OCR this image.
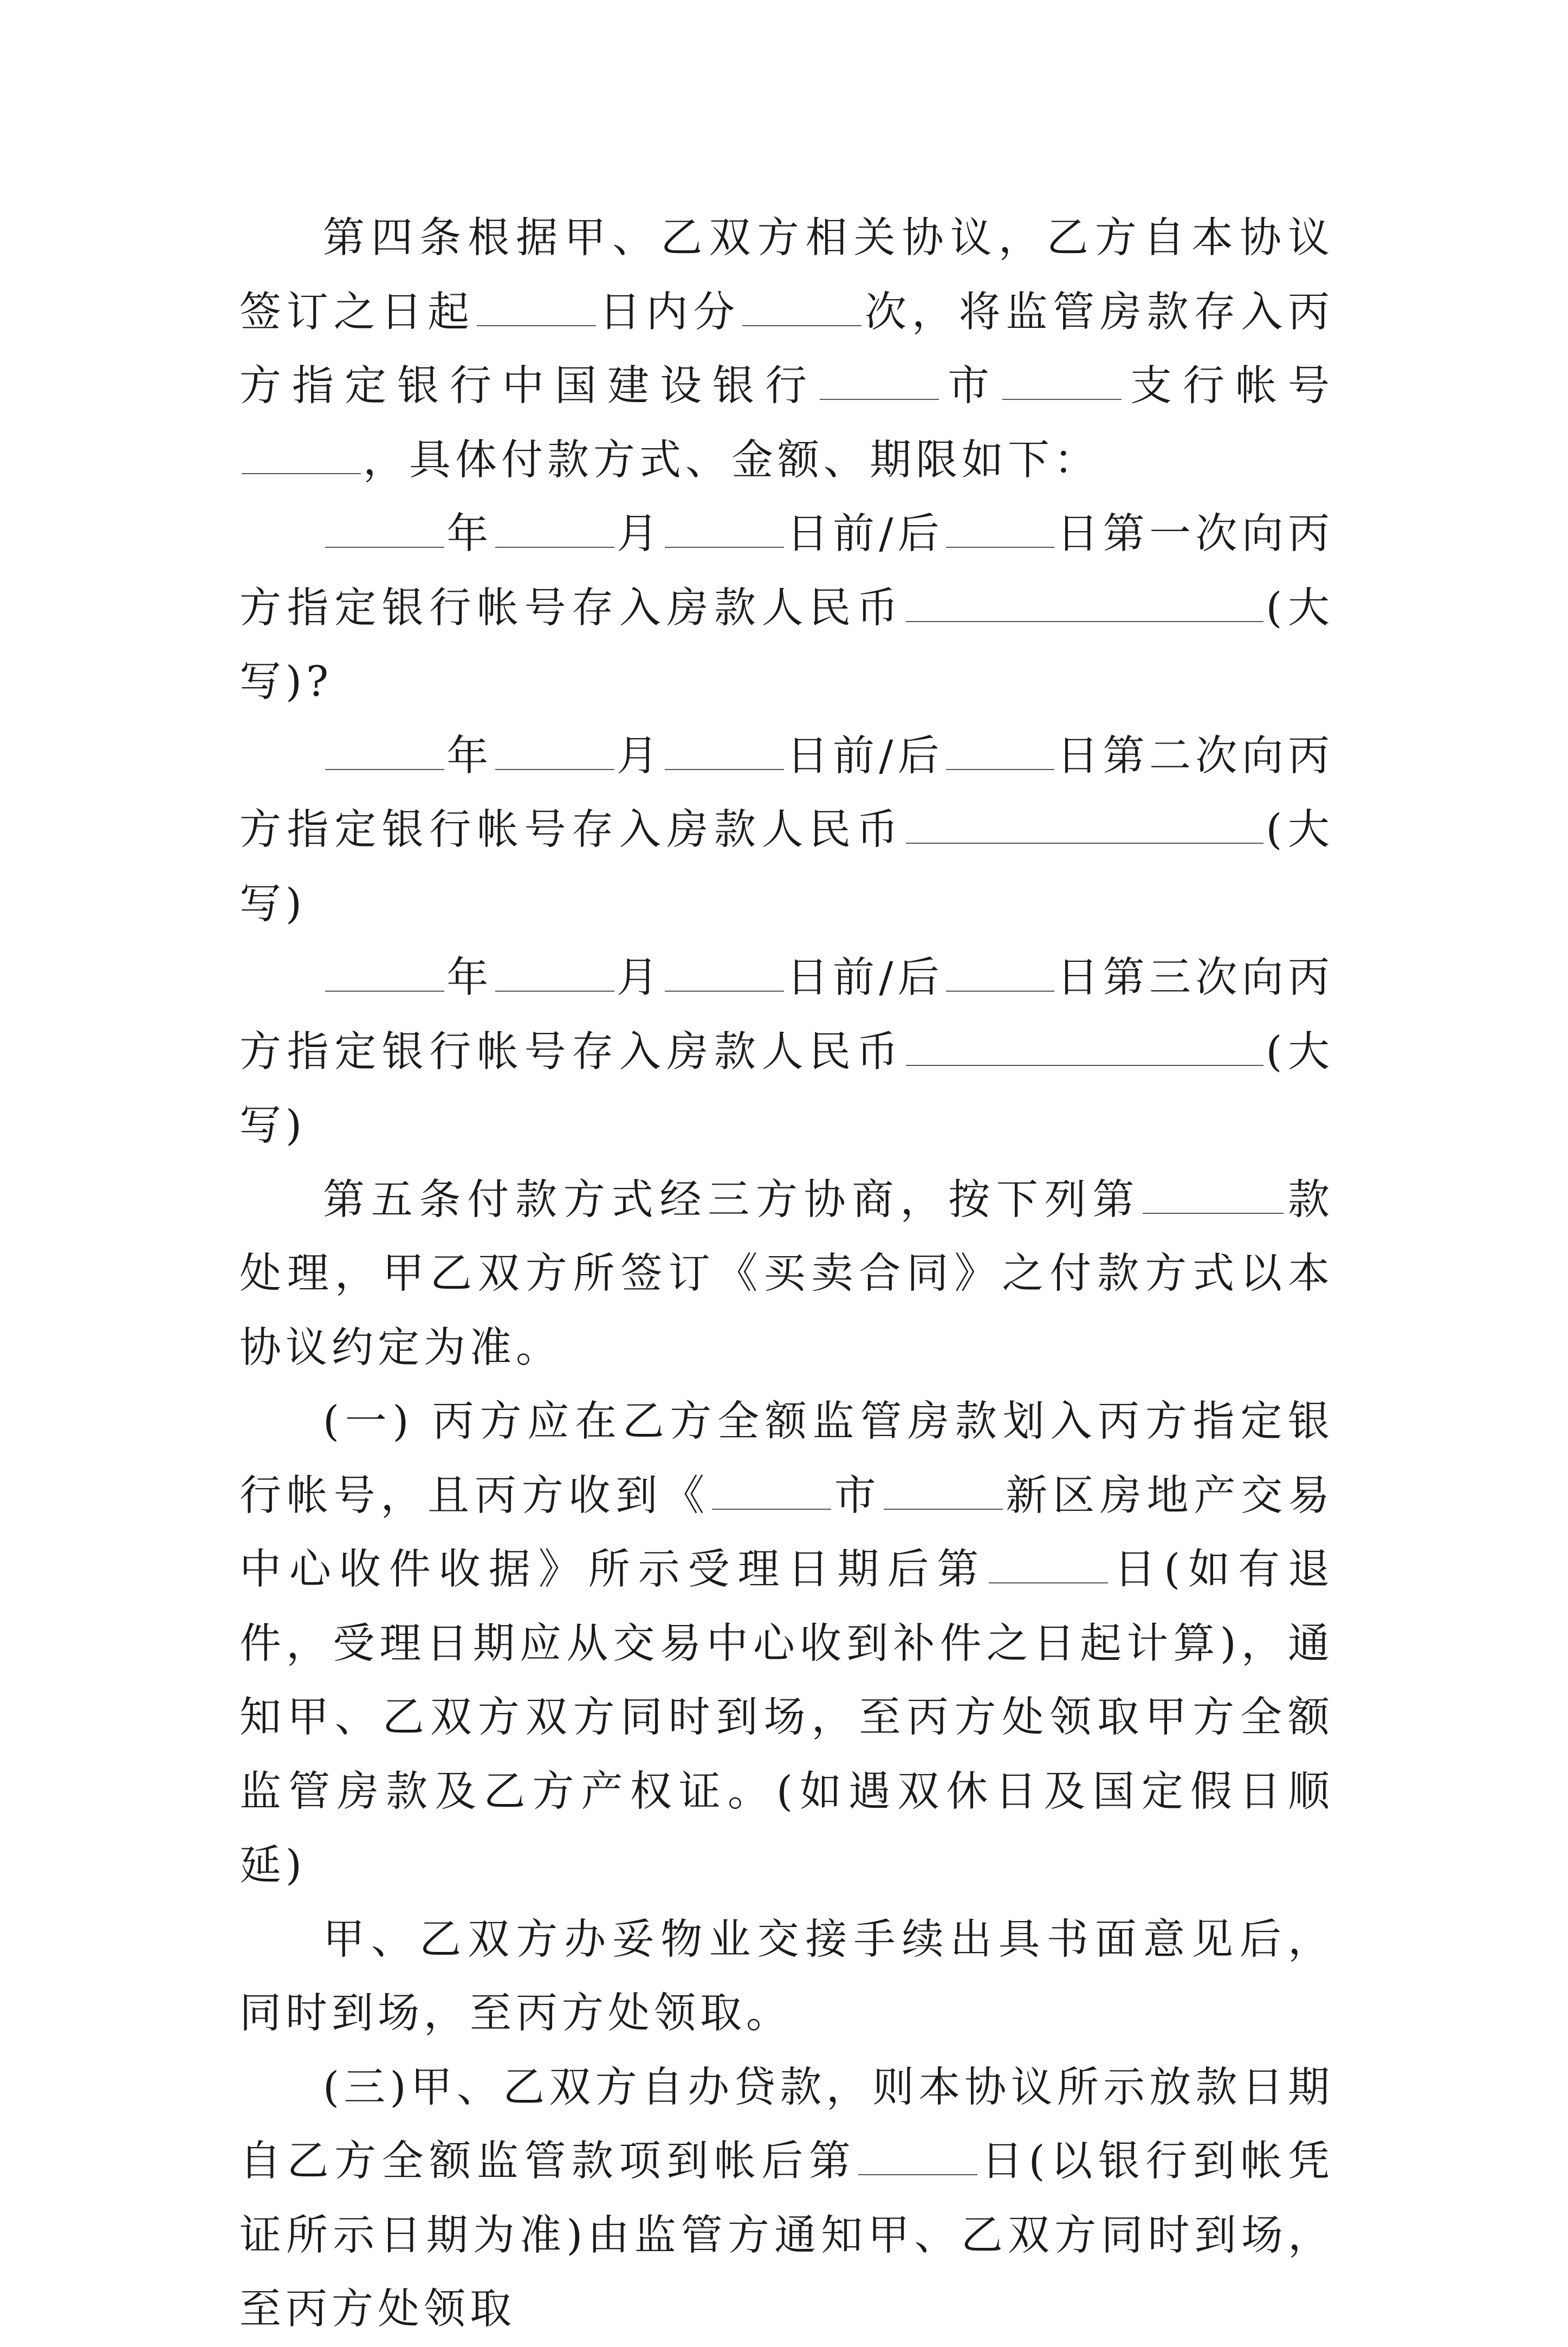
第四条根据甲、乙双方相关协议，乙方自本协议签订之日起	日内分	次，将监管房款存入丙方指定银行中国建设银行	市	支行帐号，具体付款方式、金额、期限如下：

年	月	日前/后	日第一次向丙方指定银行帐号存入房款人民币	(大写)?

年	月	日前/后	日第二次向丙方指定银行帐号存入房款人民币	(大写)

年	月	日前/后	日第三次向丙方指定银行帐号存入房款人民币	(大写)

第五条付款方式经三方协商，按下列第	款处理，甲乙双方所签订《买卖合同》之付款方式以本协议约定为准。

(一) 丙方应在乙方全额监管房款划入丙方指定银行帐号，且丙方收到《	市	新区房地产交易中心收件收据》所示受理日期后第	日(如有退件，受理日期应从交易中心收到补件之日起计算)，通知甲、乙双方双方同时到场，至丙方处领取甲方全额监管房款及乙方产权证。(如遇双休日及国定假日顺延)

甲、乙双方办妥物业交接手续出具书面意见后，同时到场，至丙方处领取。

(三)甲、乙双方自办贷款，则本协议所示放款日期自乙方全额监管款项到帐后第	日(以银行到帐凭证所示日期为准)由监管方通知甲、乙双方同时到场，至丙方处领取
